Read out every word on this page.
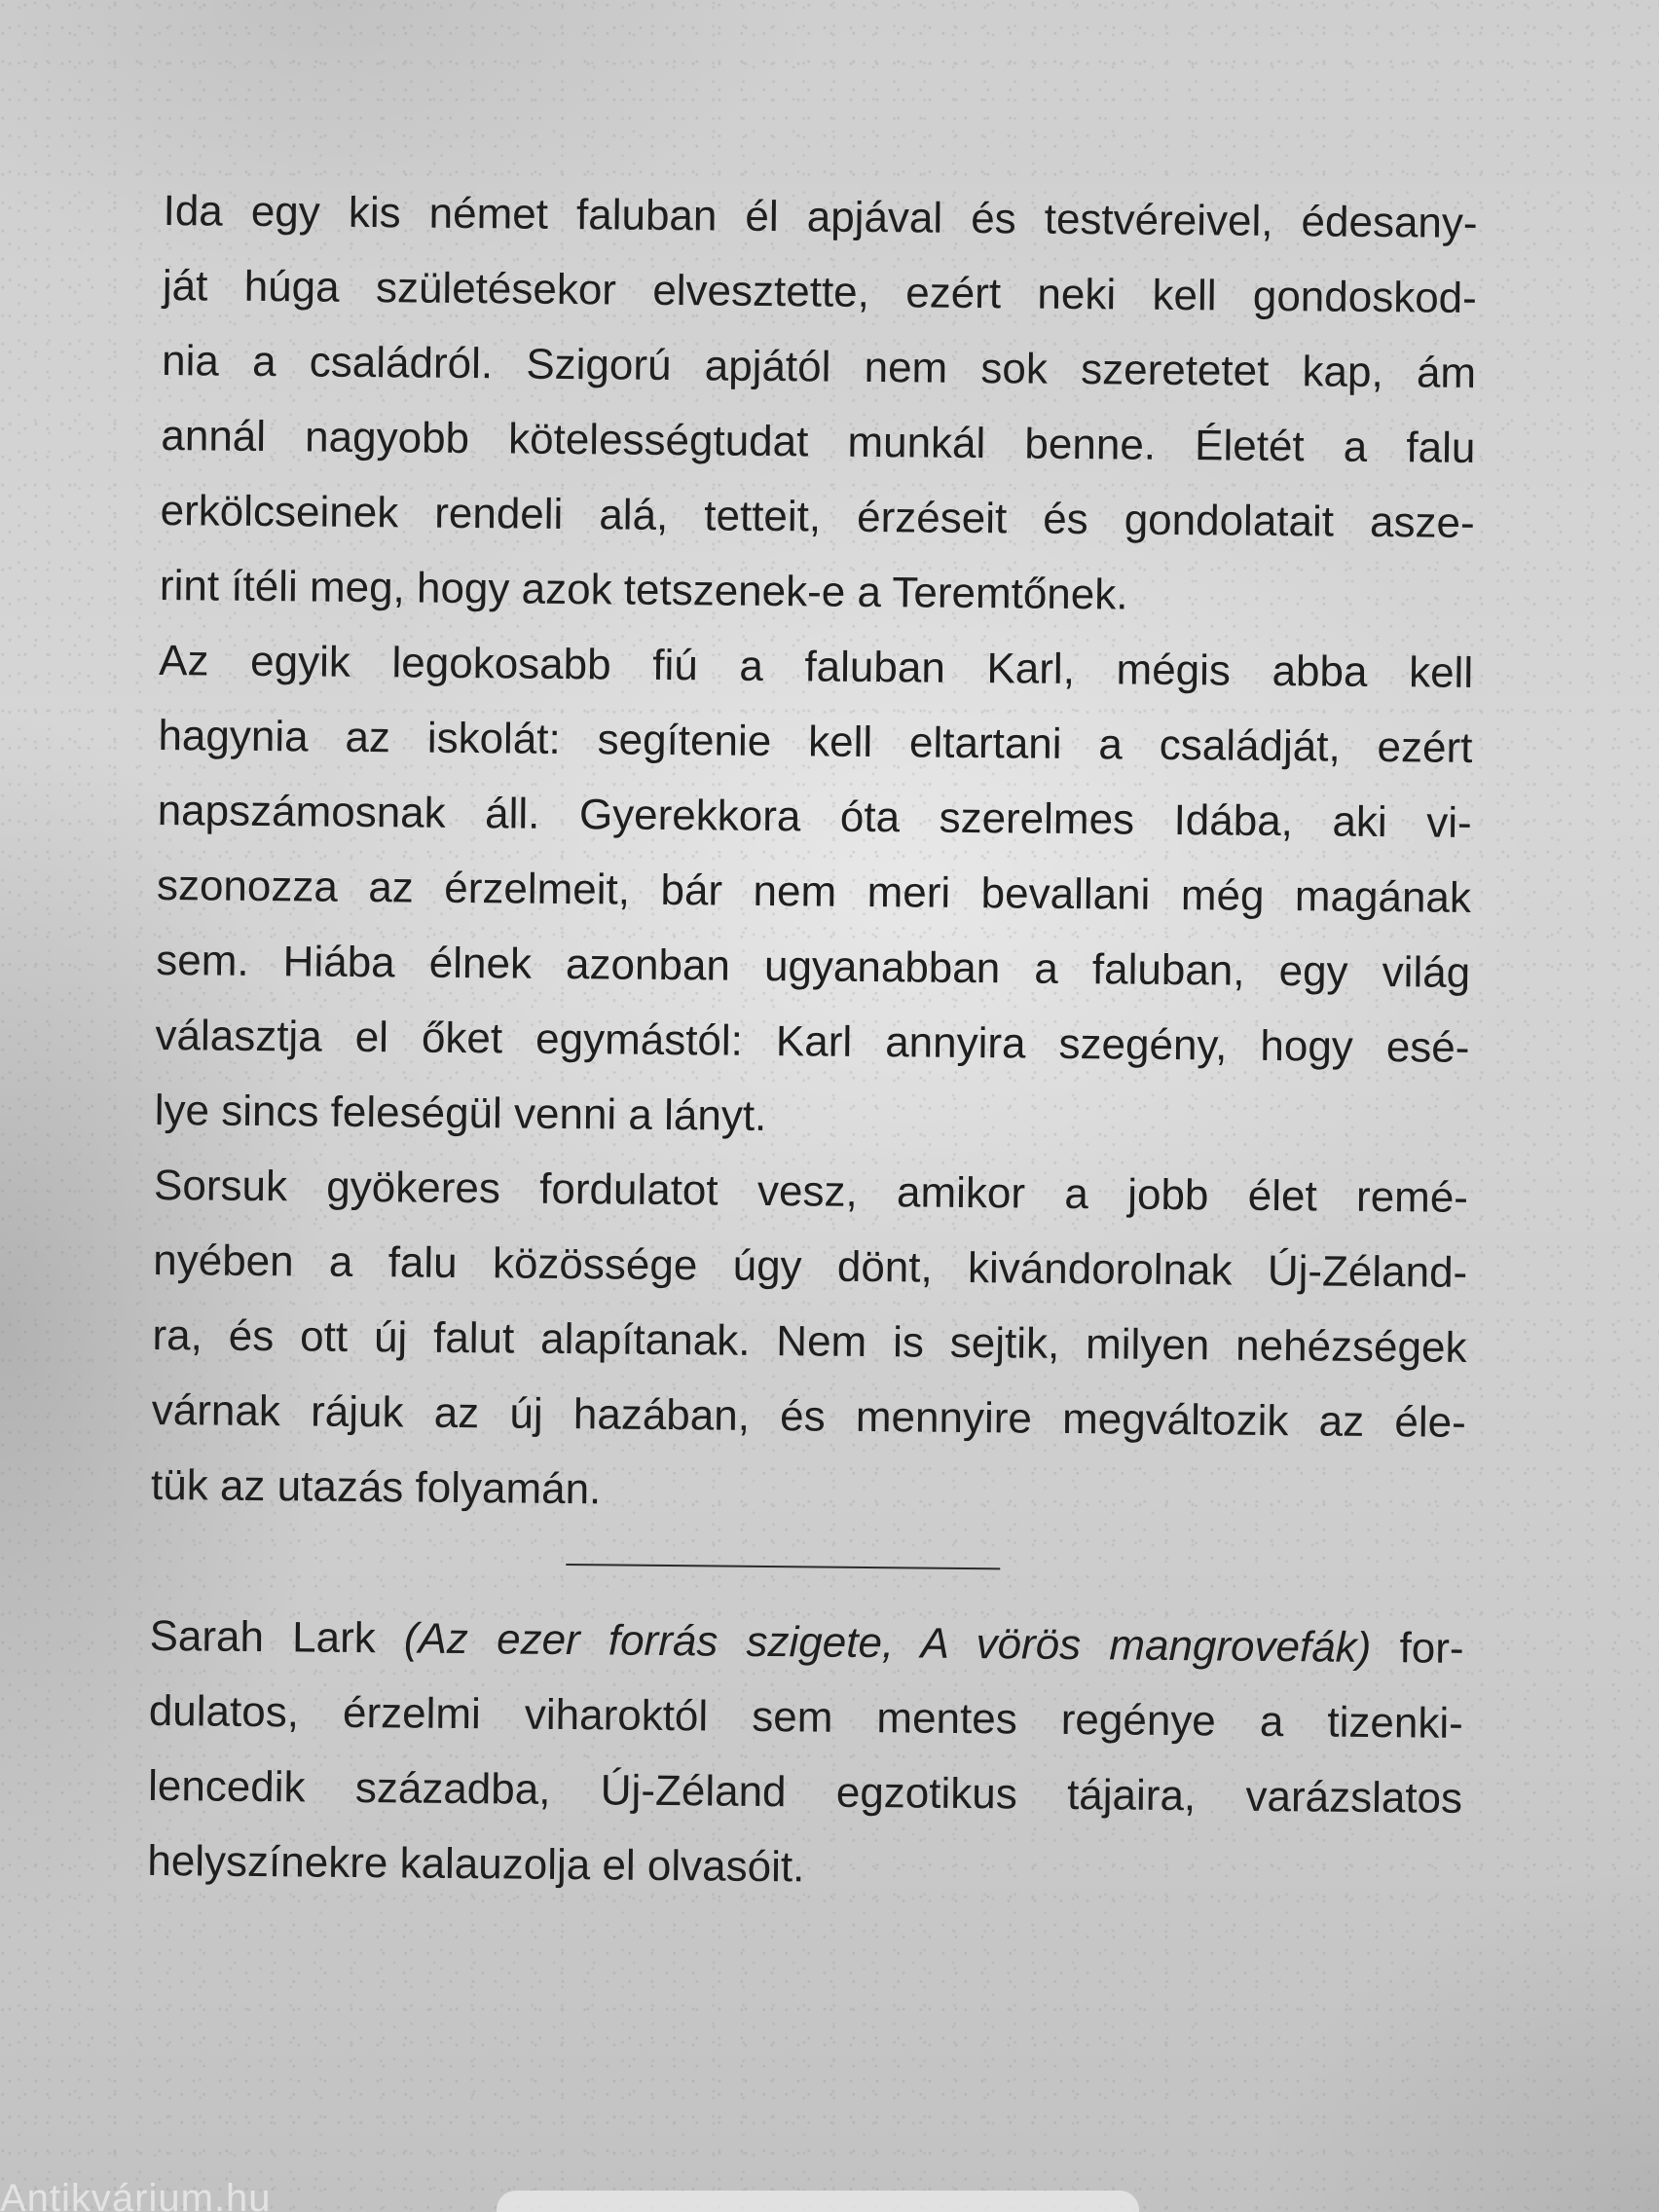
Ida egy kis német faluban él apjával és testvéreivel, édesany-
ját húga születésekor elvesztette, ezért neki kell gondoskod-
nia a családról. Szigorú apjától nem sok szeretetet kap, ám
annál nagyobb kötelességtudat munkál benne. Életét a falu
erkölcseinek rendeli alá, tetteit, érzéseit és gondolatait asze-
rint ítéli meg, hogy azok tetszenek-e a Teremtőnek.
Az egyik legokosabb fiú a faluban Karl, mégis abba kell
hagynia az iskolát: segítenie kell eltartani a családját, ezért
napszámosnak áll. Gyerekkora óta szerelmes Idába, aki vi-
szonozza az érzelmeit, bár nem meri bevallani még magának
sem. Hiába élnek azonban ugyanabban a faluban, egy világ
választja el őket egymástól: Karl annyira szegény, hogy esé-
lye sincs feleségül venni a lányt.
Sorsuk gyökeres fordulatot vesz, amikor a jobb élet remé-
nyében a falu közössége úgy dönt, kivándorolnak Új-Zéland-
ra, és ott új falut alapítanak. Nem is sejtik, milyen nehézségek
várnak rájuk az új hazában, és mennyire megváltozik az éle-
tük az utazás folyamán.
Sarah Lark (Az ezer forrás szigete, A vörös mangrovefák) for-
dulatos, érzelmi viharoktól sem mentes regénye a tizenki-
lencedik századba, Új-Zéland egzotikus tájaira, varázslatos
helyszínekre kalauzolja el olvasóit.
Antikvárium.hu
